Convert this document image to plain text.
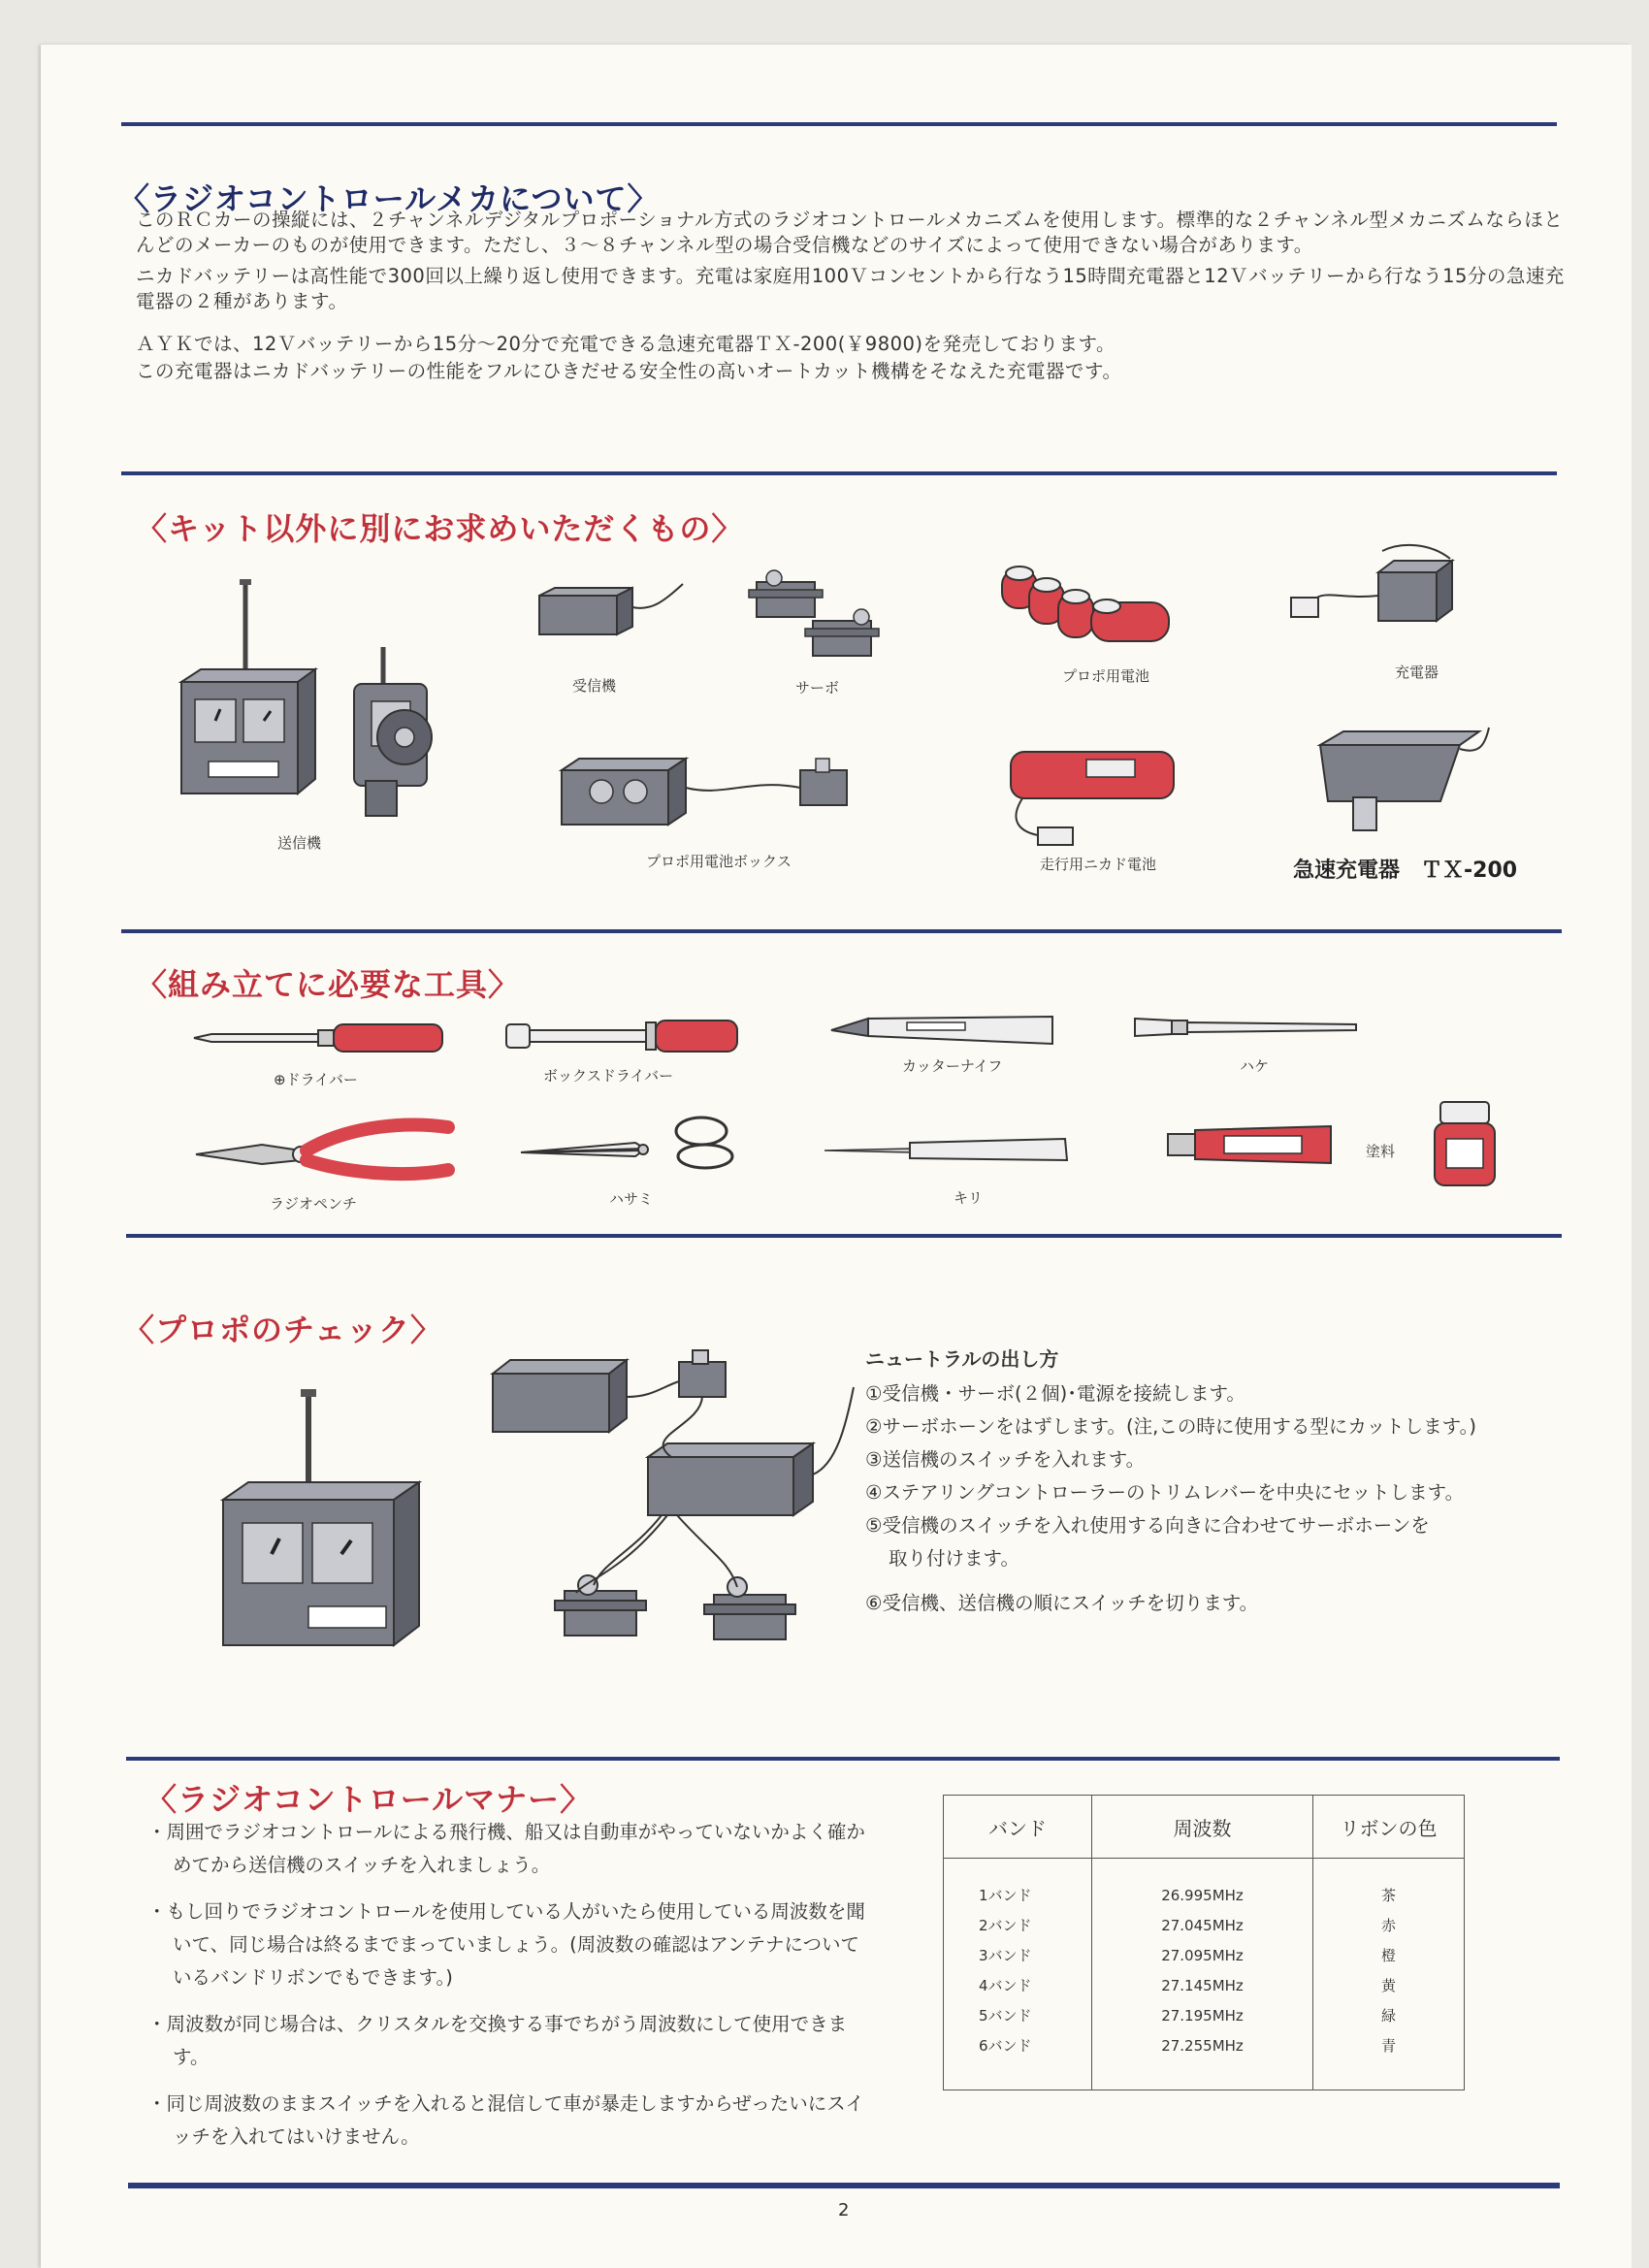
〈ラジオコントロールメカについて〉

このＲＣカーの操縦には、２チャンネルデジタルプロポーショナル方式のラジオコントロールメカニズムを使用します。標準的な２チャンネル型メカニズムならほとんどのメーカーのものが使用できます。ただし、３～８チャンネル型の場合受信機などのサイズによって使用できない場合があります。

ニカドバッテリーは高性能で300回以上繰り返し使用できます。充電は家庭用100Ｖコンセントから行なう15時間充電器と12Ｖバッテリーから行なう15分の急速充電器の２種があります。

ＡＹＫでは、12Ｖバッテリーから15分～20分で充電できる急速充電器ＴＸ-200(￥9800)を発売しております。

この充電器はニカドバッテリーの性能をフルにひきだせる安全性の高いオートカット機構をそなえた充電器です。

〈キット以外に別にお求めいただくもの〉
送信機
受信機	サーボ
プロポ用電池	充電器
プロポ用電池ボックス	走行用ニカド電池	急速充電器　ＴＸ-200
〈組み立てに必要な工具〉
⊕ドライバー	ボックスドライバー
カッターナイフ	ハケ
ラジオペンチ	ハサミ	キリ
塗料
〈プロポのチェック〉
ニュートラルの出し方
①受信機・サーボ(２個)･電源を接続します。
②サーボホーンをはずします。(注,この時に使用する型にカットします。)
③送信機のスイッチを入れます。
④ステアリングコントローラーのトリムレバーを中央にセットします。
⑤受信機のスイッチを入れ使用する向きに合わせてサーボホーンを
取り付けます。
⑥受信機、送信機の順にスイッチを切ります。
〈ラジオコントロールマナー〉
・周囲でラジオコントロールによる飛行機、船又は自動車がやっていないかよく確かめてから送信機のスイッチを入れましょう。
・もし回りでラジオコントロールを使用している人がいたら使用している周波数を聞いて、同じ場合は終るまでまっていましょう。(周波数の確認はアンテナについているバンドリボンでもできます。)
・周波数が同じ場合は、クリスタルを交換する事でちがう周波数にして使用できます。
・同じ周波数のままスイッチを入れると混信して車が暴走しますからぜったいにスイッチを入れてはいけません。
バンド	周波数	リボンの色

1バンド	26.995MHz	茶
2バンド	27.045MHz	赤
3バンド	27.095MHz	橙
4バンド	27.145MHz	黄
5バンド	27.195MHz	緑
6バンド	27.255MHz	青

2
